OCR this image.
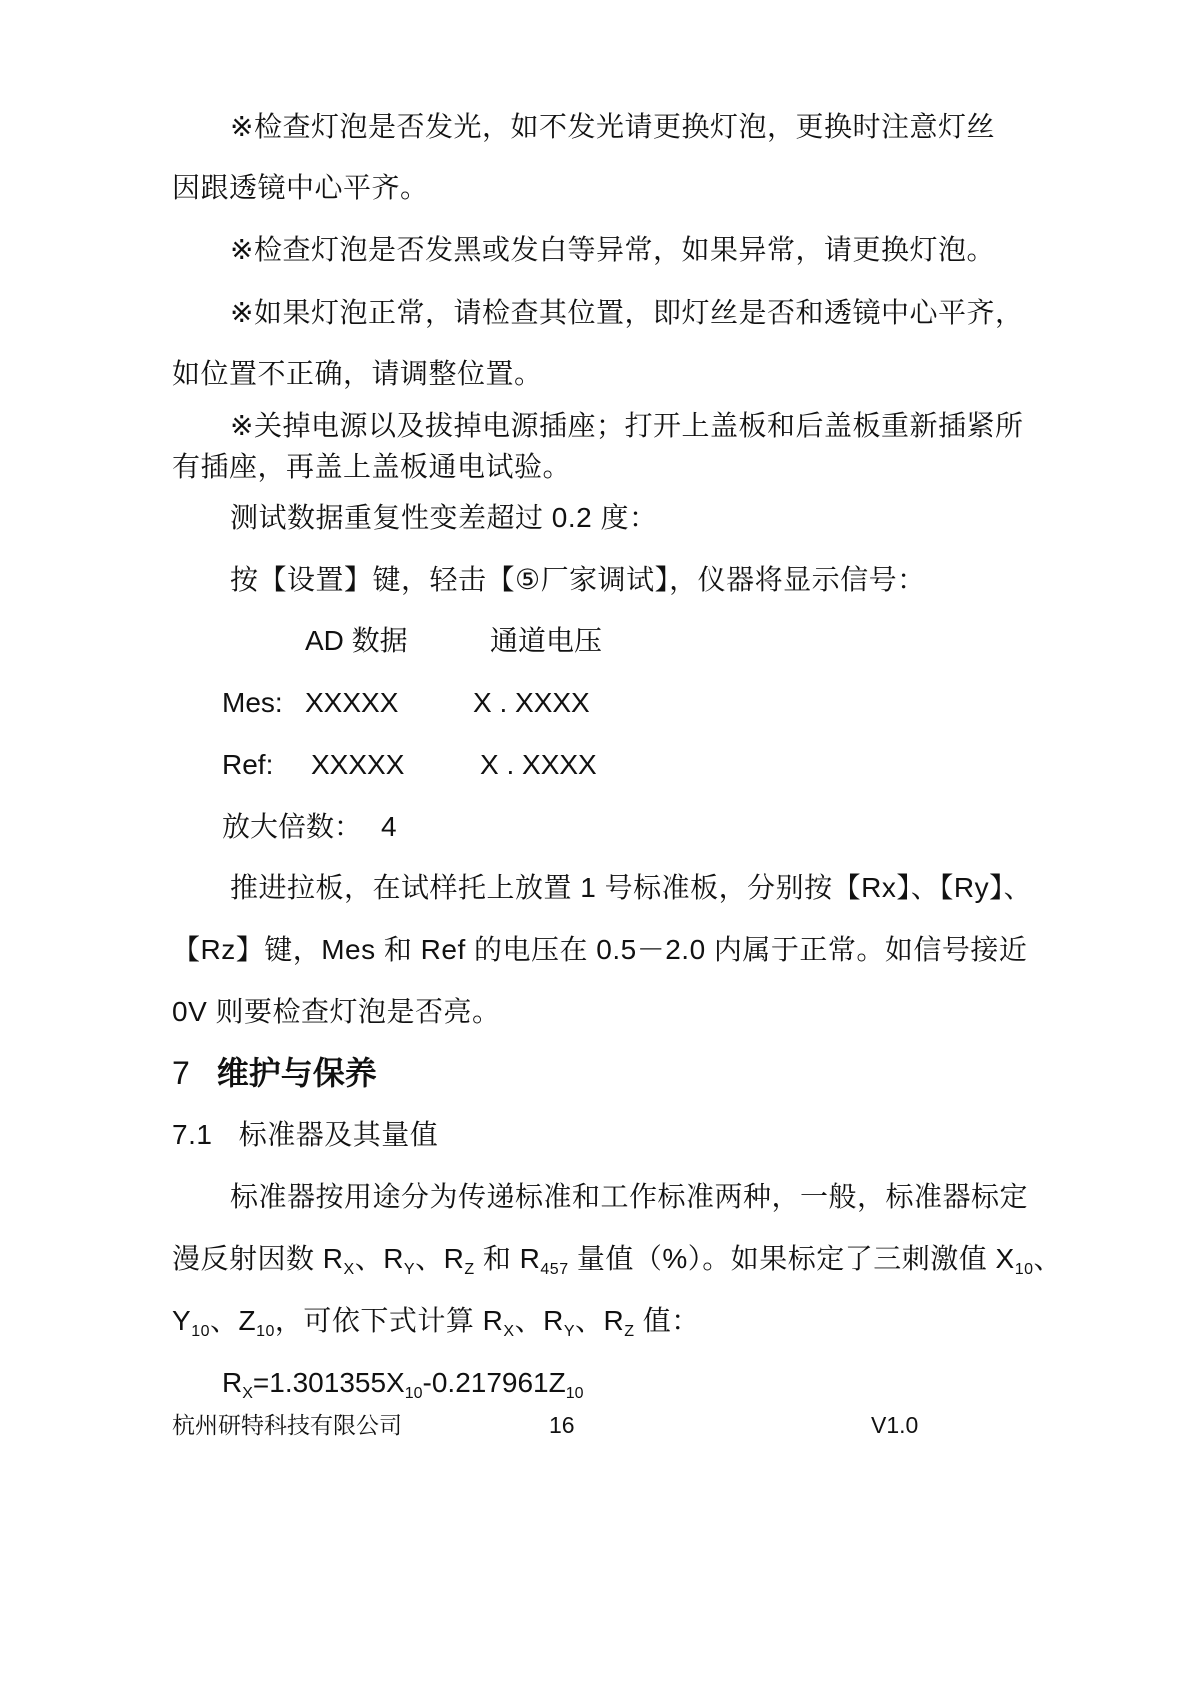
※检查灯泡是否发光，如不发光请更换灯泡，更换时注意灯丝
因跟透镜中心平齐。
※检查灯泡是否发黑或发白等异常，如果异常，请更换灯泡。
※如果灯泡正常，请检查其位置，即灯丝是否和透镜中心平齐，
如位置不正确，请调整位置。
※关掉电源以及拔掉电源插座；打开上盖板和后盖板重新插紧所
有插座，再盖上盖板通电试验。
测试数据重复性变差超过 0.2 度：
按【设置】键，轻击【⑤厂家调试】，仪器将显示信号：
AD 数据	通道电压
Mes: XXXXX	X . XXXX
Ref: XXXXX	X . XXXX
放大倍数： 4
推进拉板，在试样托上放置 1 号标准板，分别按【Rx】、【Ry】、
【Rz】键，Mes 和 Ref 的电压在 0.5－2.0 内属于正常。如信号接近
0V 则要检查灯泡是否亮。
7 维护与保养
7.1 标准器及其量值
标准器按用途分为传递标准和工作标准两种，一般，标准器标定
漫反射因数 $R_X$、$R_Y$、$R_Z$ 和 $R_{457}$ 量值（%）。如果标定了三刺激值 $X_{10}$、
$Y_{10}$、$Z_{10}$，可依下式计算 $R_X$、$R_Y$、$R_Z$ 值：
$R_X=1.301355X_{10}-0.217961Z_{10}$
杭州研特科技有限公司	16	V1.0
